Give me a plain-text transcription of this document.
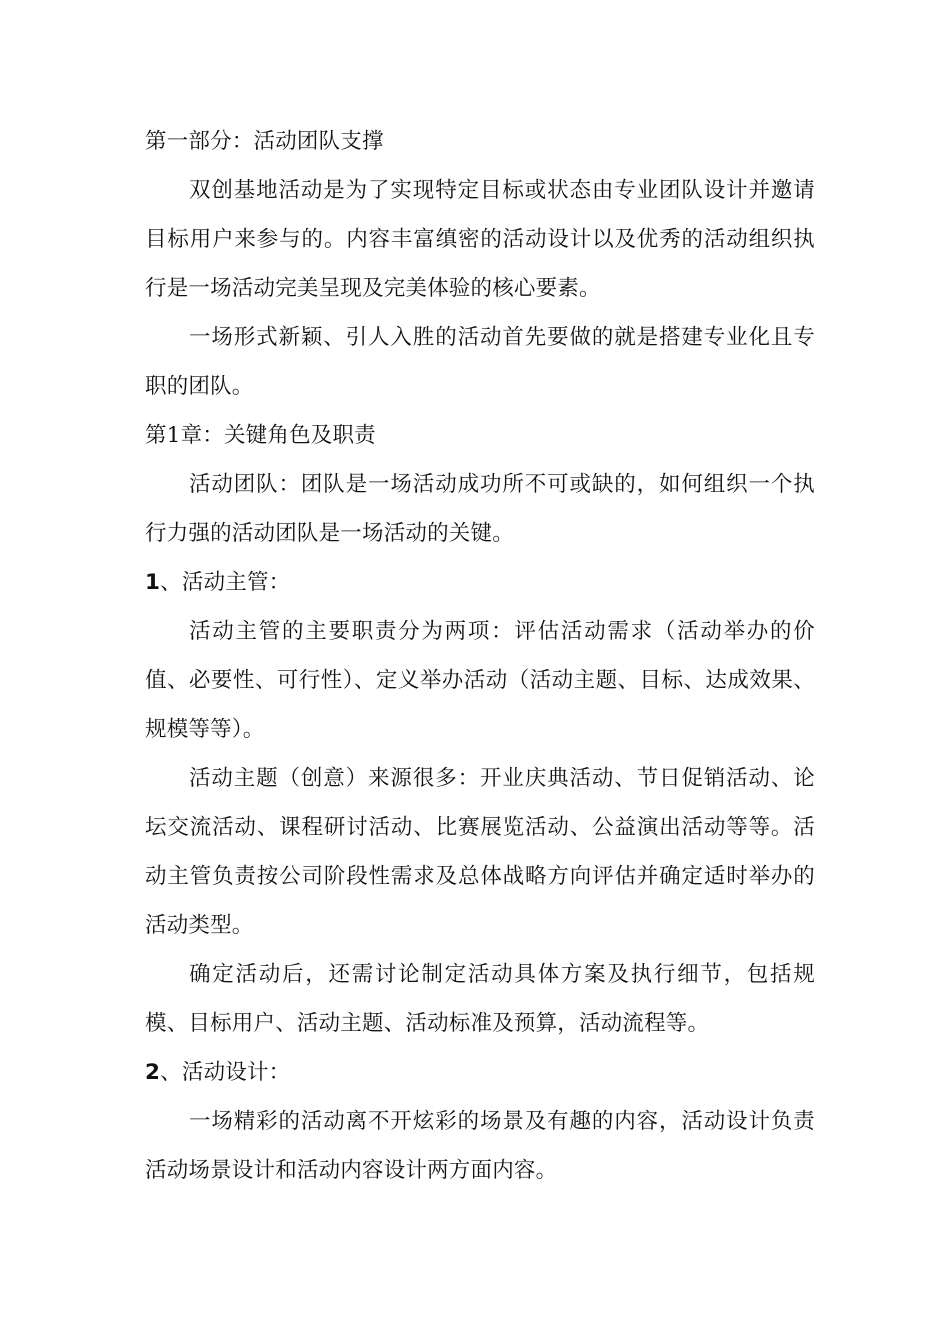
第一部分：活动团队支撑

双创基地活动是为了实现特定目标或状态由专业团队设计并邀请目标用户来参与的。内容丰富缜密的活动设计以及优秀的活动组织执行是一场活动完美呈现及完美体验的核心要素。

一场形式新颖、引人入胜的活动首先要做的就是搭建专业化且专职的团队。

第1章：关键角色及职责

活动团队：团队是一场活动成功所不可或缺的，如何组织一个执行力强的活动团队是一场活动的关键。

1、活动主管：

活动主管的主要职责分为两项：评估活动需求（活动举办的价值、必要性、可行性）、定义举办活动（活动主题、目标、达成效果、规模等等）。

活动主题（创意）来源很多：开业庆典活动、节日促销活动、论坛交流活动、课程研讨活动、比赛展览活动、公益演出活动等等。活动主管负责按公司阶段性需求及总体战略方向评估并确定适时举办的活动类型。

确定活动后，还需讨论制定活动具体方案及执行细节，包括规模、目标用户、活动主题、活动标准及预算，活动流程等。

2、活动设计：

一场精彩的活动离不开炫彩的场景及有趣的内容，活动设计负责活动场景设计和活动内容设计两方面内容。
